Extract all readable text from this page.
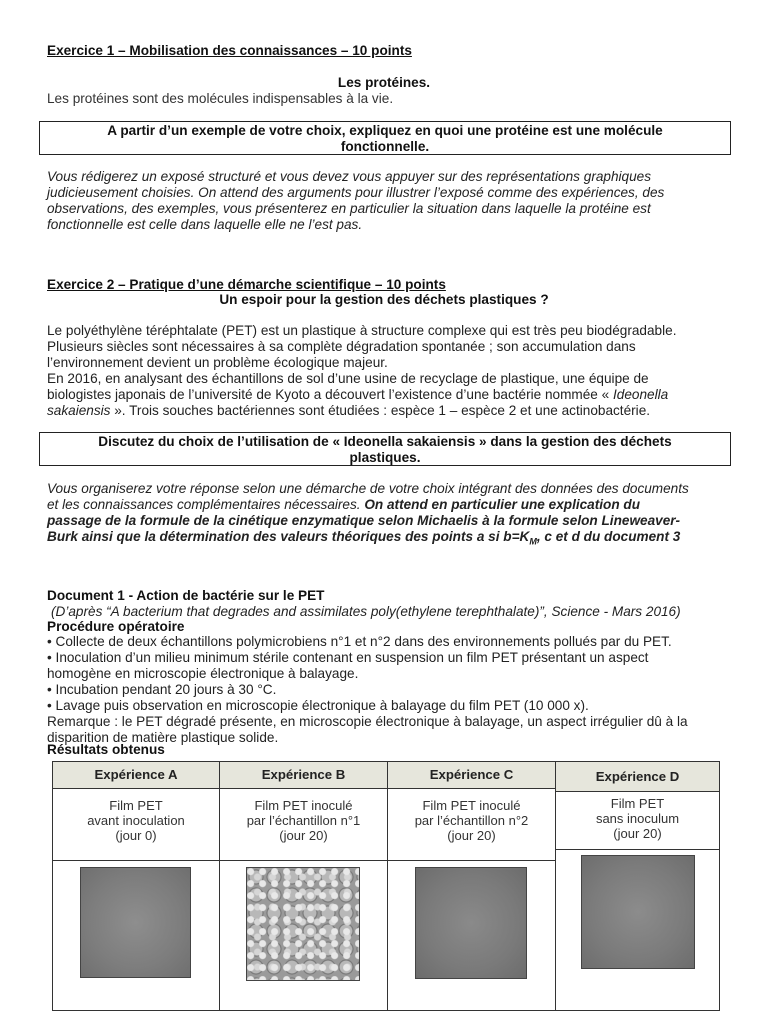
Exercice 1 – Mobilisation des connaissances – 10 points
Les protéines.
Les protéines sont des molécules indispensables à la vie.

A partir d’un exemple de votre choix, expliquez en quoi une protéine est une molécule

fonctionnelle.

Vous rédigerez un exposé structuré et vous devez vous appuyer sur des représentations graphiques

judicieusement choisies. On attend des arguments pour illustrer l’exposé comme des expériences, des

observations, des exemples, vous présenterez en particulier la situation dans laquelle la protéine est

fonctionnelle est celle dans laquelle elle ne l’est pas.

Exercice 2 – Pratique d’une démarche scientifique – 10 points
Un espoir pour la gestion des déchets plastiques ?

Le polyéthylène téréphtalate (PET) est un plastique à structure complexe qui est très peu biodégradable.

Plusieurs siècles sont nécessaires à sa complète dégradation spontanée ; son accumulation dans

l’environnement devient un problème écologique majeur.

En 2016, en analysant des échantillons de sol d’une usine de recyclage de plastique, une équipe de

biologistes japonais de l’université de Kyoto a découvert l’existence d’une bactérie nommée « Ideonella

sakaiensis ». Trois souches bactériennes sont étudiées : espèce 1 – espèce 2 et une actinobactérie.

Discutez du choix de l’utilisation de « Ideonella sakaiensis » dans la gestion des déchets

plastiques.

Vous organiserez votre réponse selon une démarche de votre choix intégrant des données des documents

et les connaissances complémentaires nécessaires. On attend en particulier une explication du

passage de la formule de la cinétique enzymatique selon Michaelis à la formule selon Lineweaver-

Burk ainsi que la détermination des valeurs théoriques des points a si $b=K_M$, c et d du document 3

Document 1 - Action de bactérie sur le PET
(D’après “A bacterium that degrades and assimilates poly(ethylene terephthalate)”, Science - Mars 2016)
Procédure opératoire

• Collecte de deux échantillons polymicrobiens n°1 et n°2 dans des environnements pollués par du PET.

• Inoculation d’un milieu minimum stérile contenant en suspension un film PET présentant un aspect

homogène en microscopie électronique à balayage.

• Incubation pendant 20 jours à 30 °C.

• Lavage puis observation en microscopie électronique à balayage du film PET (10 000 x).

Remarque : le PET dégradé présente, en microscopie électronique à balayage, un aspect irrégulier dû à la

disparition de matière plastique solide.

Résultats obtenus
Expérience A

Film PET

avant inoculation

(jour 0)

Expérience B

Film PET inoculé

par l’échantillon n°1

(jour 20)

Expérience C

Film PET inoculé

par l’échantillon n°2

(jour 20)

Expérience D

Film PET

sans inoculum

(jour 20)
